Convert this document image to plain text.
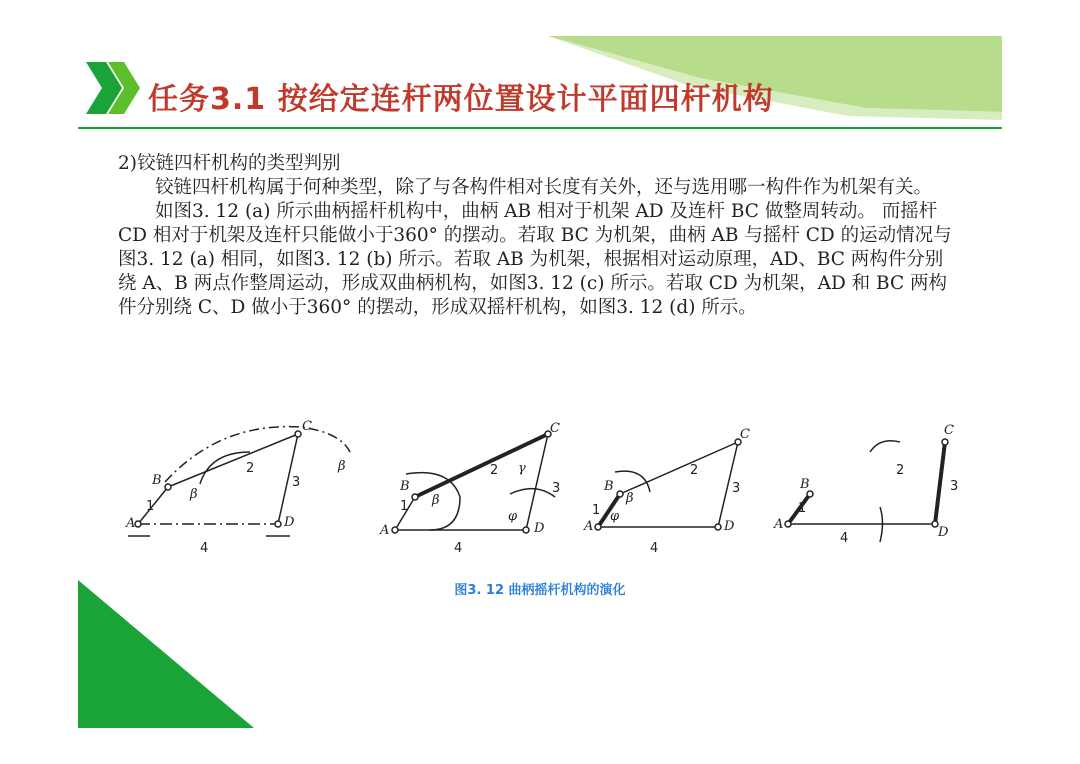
任务3.1 按给定连杆两位置设计平面四杆机构

2)铰链四杆机构的类型判别

铰链四杆机构属于何种类型，除了与各构件相对长度有关外，还与选用哪一构件作为机架有关。

如图3. 12 (a) 所示曲柄摇杆机构中，曲柄 AB 相对于机架 AD 及连杆 BC 做整周转动。 而摇杆 CD 相对于机架及连杆只能做小于360° 的摆动。若取 BC 为机架，曲柄 AB 与摇杆 CD 的运动情况与图3. 12 (a) 相同，如图3. 12 (b) 所示。若取 AB 为机架，根据相对运动原理，AD、BC 两构件分别绕 A、B 两点作整周运动，形成双曲柄机构，如图3. 12 (c) 所示。若取 CD 为机架，AD 和 BC 两构件分别绕 C、D 做小于360° 的摆动，形成双摇杆机构，如图3. 12 (d) 所示。

A
B
C
D
1
2
3
4
β
β
A
B
C
D
1
2
3
4
β
γ
φ
A
B
C
D
1
2
3
4
β
φ
A
B
C
D
1
2
3
4
图3. 12 曲柄摇杆机构的演化
